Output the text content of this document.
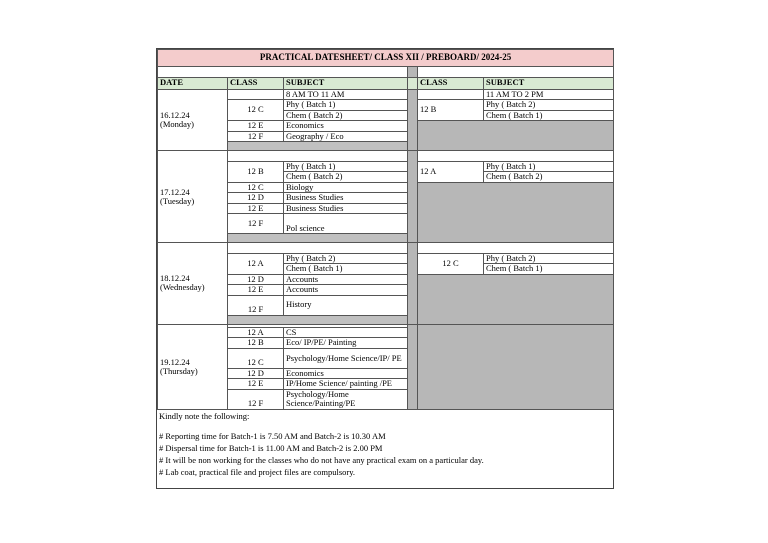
PRACTICAL DATESHEET/ CLASS XII / PREBOARD/ 2024-25					

DATE	CLASS	SUBJECT		CLASS	SUBJECT
16.12.24
(Monday)		8 AM TO 11 AM			11 AM TO 2 PM
	12 C	Phy ( Batch 1)		12 B	Phy ( Batch 2)
		Chem ( Batch 2)			Chem ( Batch 1)
	12 E	Economics			
	12 F	Geography / Eco			

17.12.24
(Tuesday)					
	12 B	Phy ( Batch 1)		12 A	Phy ( Batch 1)
		Chem ( Batch 2)			Chem ( Batch 2)
	12 C	Biology			
	12 D	Business Studies			
	12 E	Business Studies			
	12 F	Pol science			

18.12.24
(Wednesday)					
	12 A	Phy ( Batch 2)		12 C	Phy ( Batch 2)
		Chem ( Batch 1)			Chem ( Batch 1)
	12 D	Accounts			
	12 E	Accounts			
	12 F	History			

19.12.24
(Thursday)					
	12 A	CS			
	12 B	Eco/ IP/PE/ Painting			
	12 C	Psychology/Home Science/IP/ PE			
	12 D	Economics			
	12 E	IP/Home Science/ painting /PE			
	12 F	Psychology/Home Science/Painting/PE			

Kindly note the following:

# Reporting time for Batch-1 is 7.50 AM and Batch-2 is 10.30 AM
# Dispersal time for Batch-1 is 11.00 AM and Batch-2 is 2.00 PM
# It will be non working for the classes who do not have any practical exam on a particular day.
# Lab coat, practical file and project files are compulsory.
